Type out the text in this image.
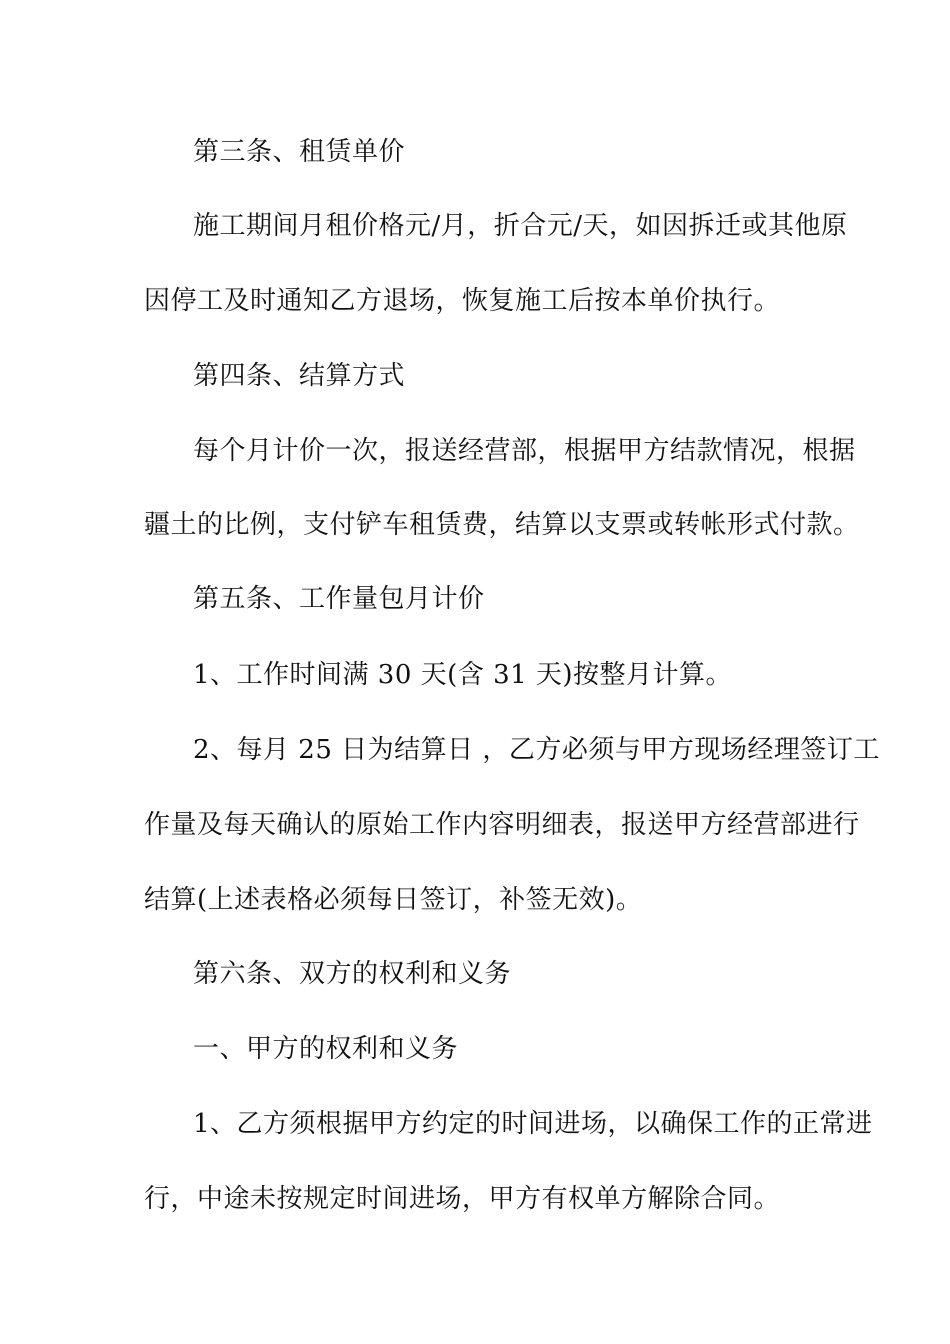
第三条、租赁单价
施工期间月租价格元/月，折合元/天，如因拆迁或其他原
因停工及时通知乙方退场，恢复施工后按本单价执行。
第四条、结算方式
每个月计价一次，报送经营部，根据甲方结款情况，根据
疆土的比例，支付铲车租赁费，结算以支票或转帐形式付款。
第五条、工作量包月计价
1、工作时间满 30 天(含 31 天)按整月计算。
2、每月 25 日为结算日 ，乙方必须与甲方现场经理签订工
作量及每天确认的原始工作内容明细表，报送甲方经营部进行
结算(上述表格必须每日签订，补签无效)。
第六条、双方的权利和义务
一、甲方的权利和义务
1、乙方须根据甲方约定的时间进场，以确保工作的正常进
行，中途未按规定时间进场，甲方有权单方解除合同。
